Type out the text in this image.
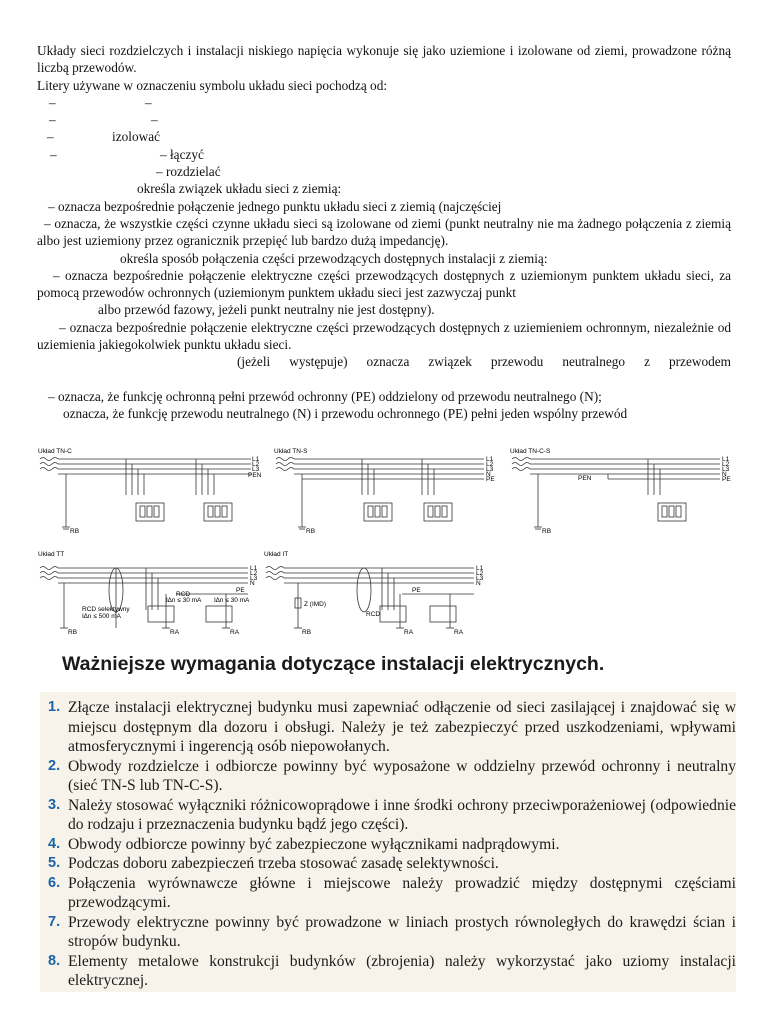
Układy sieci rozdzielczych i instalacji niskiego napięcia wykonuje się jako uziemione i izolowane od ziemi, prowadzone różną liczbą przewodów.

Litery używane w oznaczeniu symbolu układu sieci pochodzą od:

–	–
–	–
–	izolować
–	– łączyć
– rozdzielać
określa związek układu sieci z ziemią:
– oznacza bezpośrednie połączenie jednego punktu układu sieci z ziemią (najczęściej

– oznacza, że wszystkie części czynne układu sieci są izolowane od ziemi (punkt neutralny nie ma żadnego połączenia z ziemią albo jest uziemiony przez ogranicznik przepięć lub bardzo dużą impedancję).

określa sposób połączenia części przewodzących dostępnych instalacji z ziemią:

– oznacza bezpośrednie połączenie elektryczne części przewodzących dostępnych z uziemionym punktem układu sieci, za pomocą przewodów ochronnych (uziemionym punktem układu sieci jest zazwyczaj punkt

albo przewód fazowy, jeżeli punkt neutralny nie jest dostępny).

– oznacza bezpośrednie połączenie elektryczne części przewodzących dostępnych z uziemieniem ochronnym, niezależnie od uziemienia jakiegokolwiek punktu układu sieci.

(jeżeli występuje) oznacza związek przewodu neutralnego z przewodem
– oznacza, że funkcję ochronną pełni przewód ochronny (PE) oddzielony od przewodu neutralnego (N);
oznacza, że funkcję przewodu neutralnego (N) i przewodu ochronnego (PE) pełni jeden wspólny przewód
Układ TN-C
L1
L2
L3
PEN
RB
Układ TN-S
L1
L2
L3
N
PE
RB
Układ TN-C-S
L1
L2
L3
N
PE
PEN
RB
Układ TT
L1
L2
L3
N
PE
I∆n ≤ 30 mA I∆n ≤ 30 mA
RCD
RCD selektywny
I∆n ≤ 500 mA
RB	RA	RA
Układ IT
L1
L2
L3
N
PE
RCD
Z (IMD)
RB	RA	RA
Ważniejsze wymagania dotyczące instalacji elektrycznych.
1. Złącze instalacji elektrycznej budynku musi zapewniać odłączenie od sieci zasilającej i znajdować się w miejscu dostępnym dla dozoru i obsługi. Należy je też zabezpieczyć przed uszkodzeniami, wpływami atmosferycznymi i ingerencją osób niepowołanych.
2. Obwody rozdzielcze i odbiorcze powinny być wyposażone w oddzielny przewód ochronny i neutralny (sieć TN-S lub TN-C-S).
3. Należy stosować wyłączniki różnicowoprądowe i inne środki ochrony przeciwporażeniowej (odpowiednie do rodzaju i przeznaczenia budynku bądź jego części).
4. Obwody odbiorcze powinny być zabezpieczone wyłącznikami nadprądowymi.
5. Podczas doboru zabezpieczeń trzeba stosować zasadę selektywności.
6. Połączenia wyrównawcze główne i miejscowe należy prowadzić między dostępnymi częściami przewodzącymi.
7. Przewody elektryczne powinny być prowadzone w liniach prostych równoległych do krawędzi ścian i stropów budynku.
8. Elementy metalowe konstrukcji budynków (zbrojenia) należy wykorzystać jako uziomy instalacji elektrycznej.
